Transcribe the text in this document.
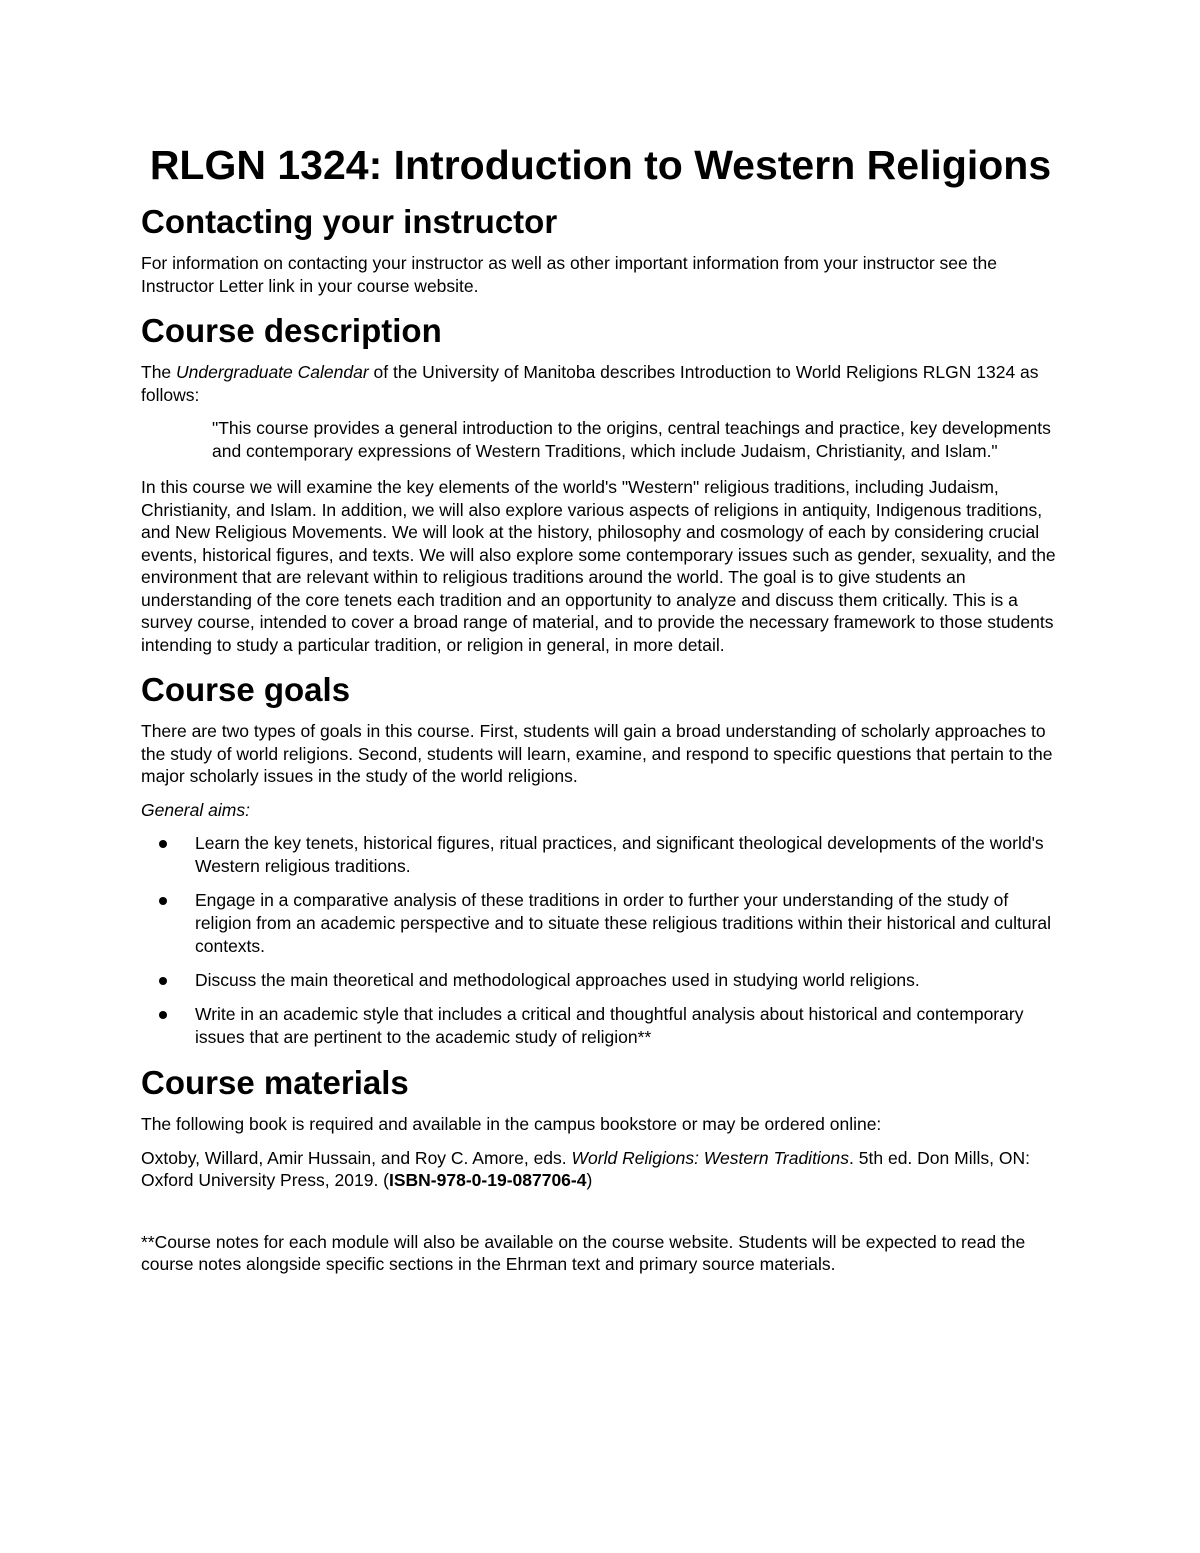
RLGN 1324: Introduction to Western Religions
Contacting your instructor

For information on contacting your instructor as well as other important information from your instructor see the Instructor Letter link in your course website.

Course description

The Undergraduate Calendar of the University of Manitoba describes Introduction to World Religions RLGN 1324 as follows:

"This course provides a general introduction to the origins, central teachings and practice, key developments and contemporary expressions of Western Traditions, which include Judaism, Christianity, and Islam."

In this course we will examine the key elements of the world's "Western" religious traditions, including Judaism, Christianity, and Islam. In addition, we will also explore various aspects of religions in antiquity, Indigenous traditions, and New Religious Movements. We will look at the history, philosophy and cosmology of each by considering crucial events, historical figures, and texts. We will also explore some contemporary issues such as gender, sexuality, and the environment that are relevant within to religious traditions around the world. The goal is to give students an understanding of the core tenets each tradition and an opportunity to analyze and discuss them critically. This is a survey course, intended to cover a broad range of material, and to provide the necessary framework to those students intending to study a particular tradition, or religion in general, in more detail.

Course goals

There are two types of goals in this course. First, students will gain a broad understanding of scholarly approaches to the study of world religions. Second, students will learn, examine, and respond to specific questions that pertain to the major scholarly issues in the study of the world religions.

General aims:

Learn the key tenets, historical figures, ritual practices, and significant theological developments of the world's Western religious traditions.
Engage in a comparative analysis of these traditions in order to further your understanding of the study of religion from an academic perspective and to situate these religious traditions within their historical and cultural contexts.
Discuss the main theoretical and methodological approaches used in studying world religions.
Write in an academic style that includes a critical and thoughtful analysis about historical and contemporary issues that are pertinent to the academic study of religion**
Course materials

The following book is required and available in the campus bookstore or may be ordered online:

Oxtoby, Willard, Amir Hussain, and Roy C. Amore, eds. World Religions: Western Traditions. 5th ed. Don Mills, ON: Oxford University Press, 2019. (ISBN-978-0-19-087706-4)

**Course notes for each module will also be available on the course website. Students will be expected to read the course notes alongside specific sections in the Ehrman text and primary source materials.
